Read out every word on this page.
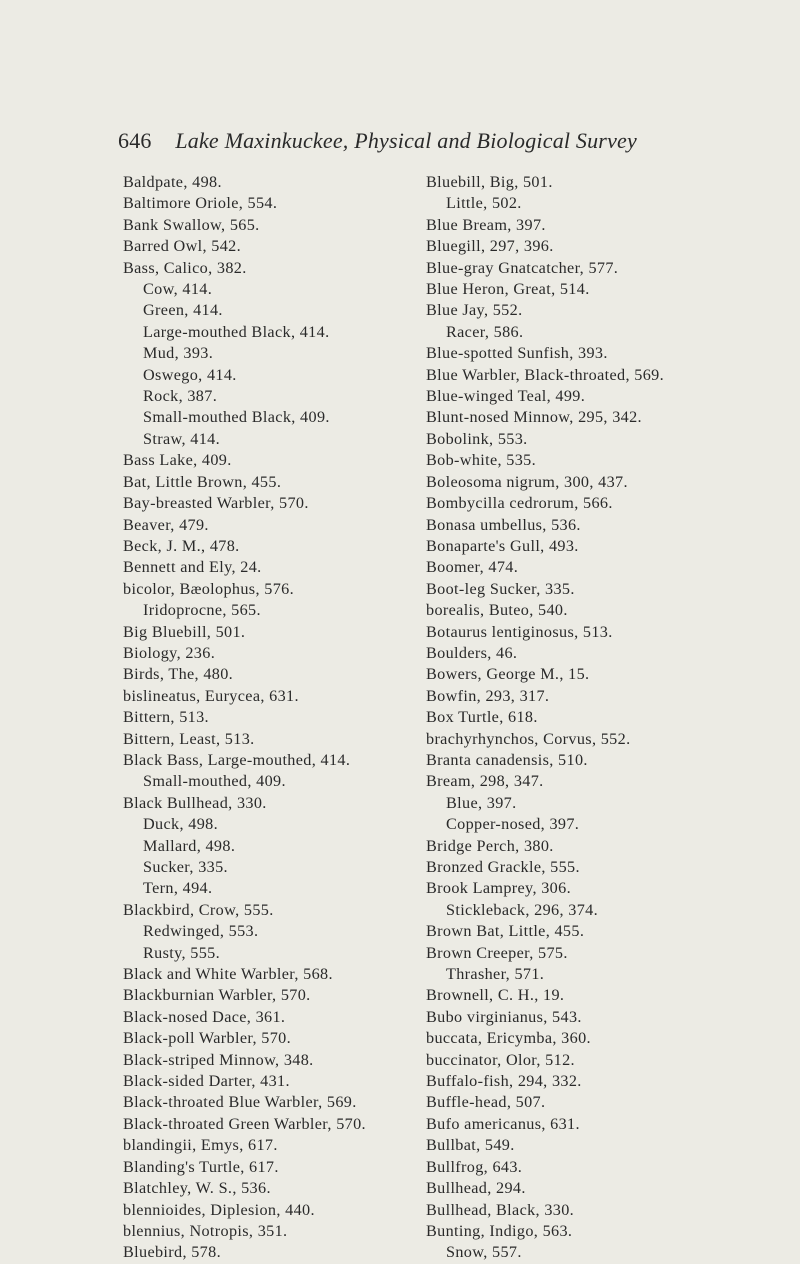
646 Lake Maxinkuckee, Physical and Biological Survey
Baldpate, 498.
Baltimore Oriole, 554.
Bank Swallow, 565.
Barred Owl, 542.
Bass, Calico, 382.
Cow, 414.
Green, 414.
Large-mouthed Black, 414.
Mud, 393.
Oswego, 414.
Rock, 387.
Small-mouthed Black, 409.
Straw, 414.
Bass Lake, 409.
Bat, Little Brown, 455.
Bay-breasted Warbler, 570.
Beaver, 479.
Beck, J. M., 478.
Bennett and Ely, 24.
bicolor, Bæolophus, 576.
Iridoprocne, 565.
Big Bluebill, 501.
Biology, 236.
Birds, The, 480.
bislineatus, Eurycea, 631.
Bittern, 513.
Bittern, Least, 513.
Black Bass, Large-mouthed, 414.
Small-mouthed, 409.
Black Bullhead, 330.
Duck, 498.
Mallard, 498.
Sucker, 335.
Tern, 494.
Blackbird, Crow, 555.
Redwinged, 553.
Rusty, 555.
Black and White Warbler, 568.
Blackburnian Warbler, 570.
Black-nosed Dace, 361.
Black-poll Warbler, 570.
Black-striped Minnow, 348.
Black-sided Darter, 431.
Black-throated Blue Warbler, 569.
Black-throated Green Warbler, 570.
blandingii, Emys, 617.
Blanding's Turtle, 617.
Blatchley, W. S., 536.
blennioides, Diplesion, 440.
blennius, Notropis, 351.
Bluebird, 578.
Bluebill, Big, 501.
Little, 502.
Blue Bream, 397.
Bluegill, 297, 396.
Blue-gray Gnatcatcher, 577.
Blue Heron, Great, 514.
Blue Jay, 552.
Racer, 586.
Blue-spotted Sunfish, 393.
Blue Warbler, Black-throated, 569.
Blue-winged Teal, 499.
Blunt-nosed Minnow, 295, 342.
Bobolink, 553.
Bob-white, 535.
Boleosoma nigrum, 300, 437.
Bombycilla cedrorum, 566.
Bonasa umbellus, 536.
Bonaparte's Gull, 493.
Boomer, 474.
Boot-leg Sucker, 335.
borealis, Buteo, 540.
Botaurus lentiginosus, 513.
Boulders, 46.
Bowers, George M., 15.
Bowfin, 293, 317.
Box Turtle, 618.
brachyrhynchos, Corvus, 552.
Branta canadensis, 510.
Bream, 298, 347.
Blue, 397.
Copper-nosed, 397.
Bridge Perch, 380.
Bronzed Grackle, 555.
Brook Lamprey, 306.
Stickleback, 296, 374.
Brown Bat, Little, 455.
Brown Creeper, 575.
Thrasher, 571.
Brownell, C. H., 19.
Bubo virginianus, 543.
buccata, Ericymba, 360.
buccinator, Olor, 512.
Buffalo-fish, 294, 332.
Buffle-head, 507.
Bufo americanus, 631.
Bullbat, 549.
Bullfrog, 643.
Bullhead, 294.
Bullhead, Black, 330.
Bunting, Indigo, 563.
Snow, 557.
